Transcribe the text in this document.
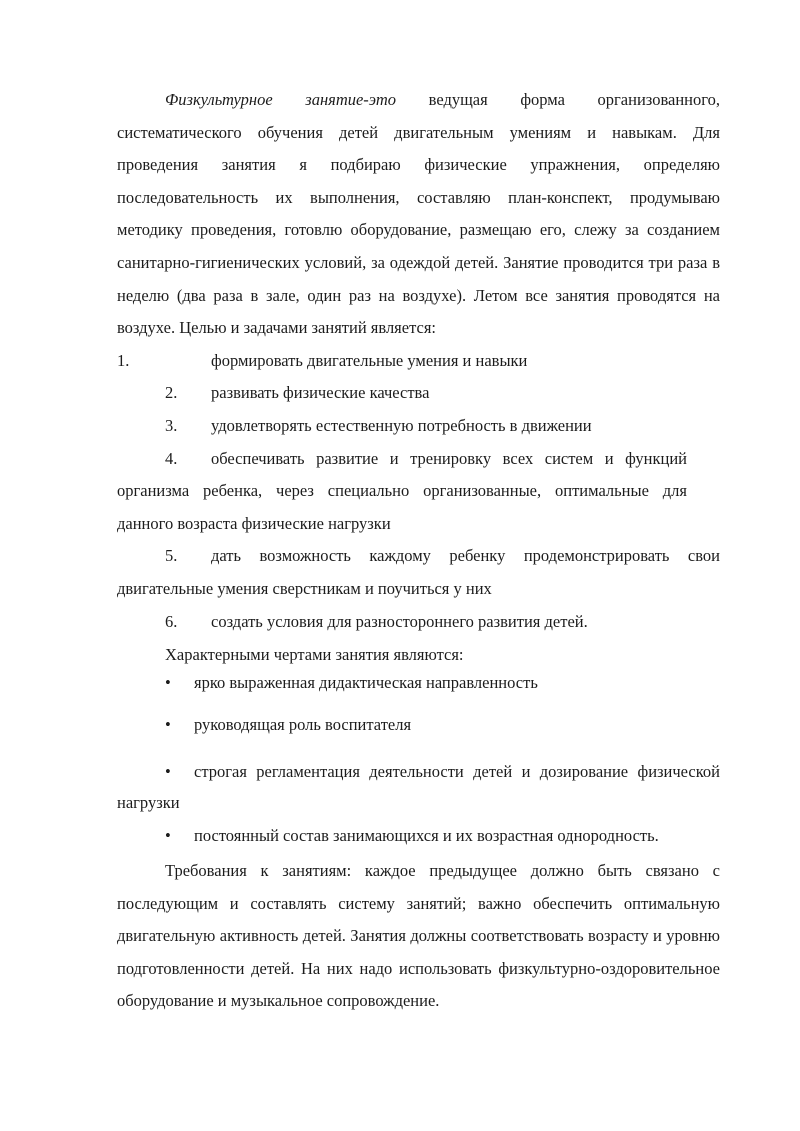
Физкультурное занятие-это ведущая форма организованного, систематического обучения детей двигательным умениям и навыкам. Для проведения занятия я подбираю физические упражнения, определяю последовательность их выполнения, составляю план-конспект, продумываю методику проведения, готовлю оборудование, размещаю его, слежу за созданием санитарно-гигиенических условий, за одеждой детей. Занятие проводится три раза в неделю (два раза в зале, один раз на воздухе). Летом все занятия проводятся на воздухе. Целью и задачами занятий является:

1.	формировать двигательные умения и навыки

2. развивать физические качества

3. удовлетворять естественную потребность в движении

4. обеспечивать развитие и тренировку всех систем и функций организма ребенка, через специально организованные, оптимальные для данного возраста физические нагрузки

5. дать возможность каждому ребенку продемонстрировать свои двигательные умения сверстникам и поучиться у них

6. создать условия для разностороннего развития детей.

Характерными чертами занятия являются:

• ярко выраженная дидактическая направленность

• руководящая роль воспитателя

• строгая регламентация деятельности детей и дозирование физической нагрузки

• постоянный состав занимающихся и их возрастная однородность.

Требования к занятиям: каждое предыдущее должно быть связано с последующим и составлять систему занятий; важно обеспечить оптимальную двигательную активность детей. Занятия должны соответствовать возрасту и уровню подготовленности детей. На них надо использовать физкультурно-оздоровительное оборудование и музыкальное сопровождение.
